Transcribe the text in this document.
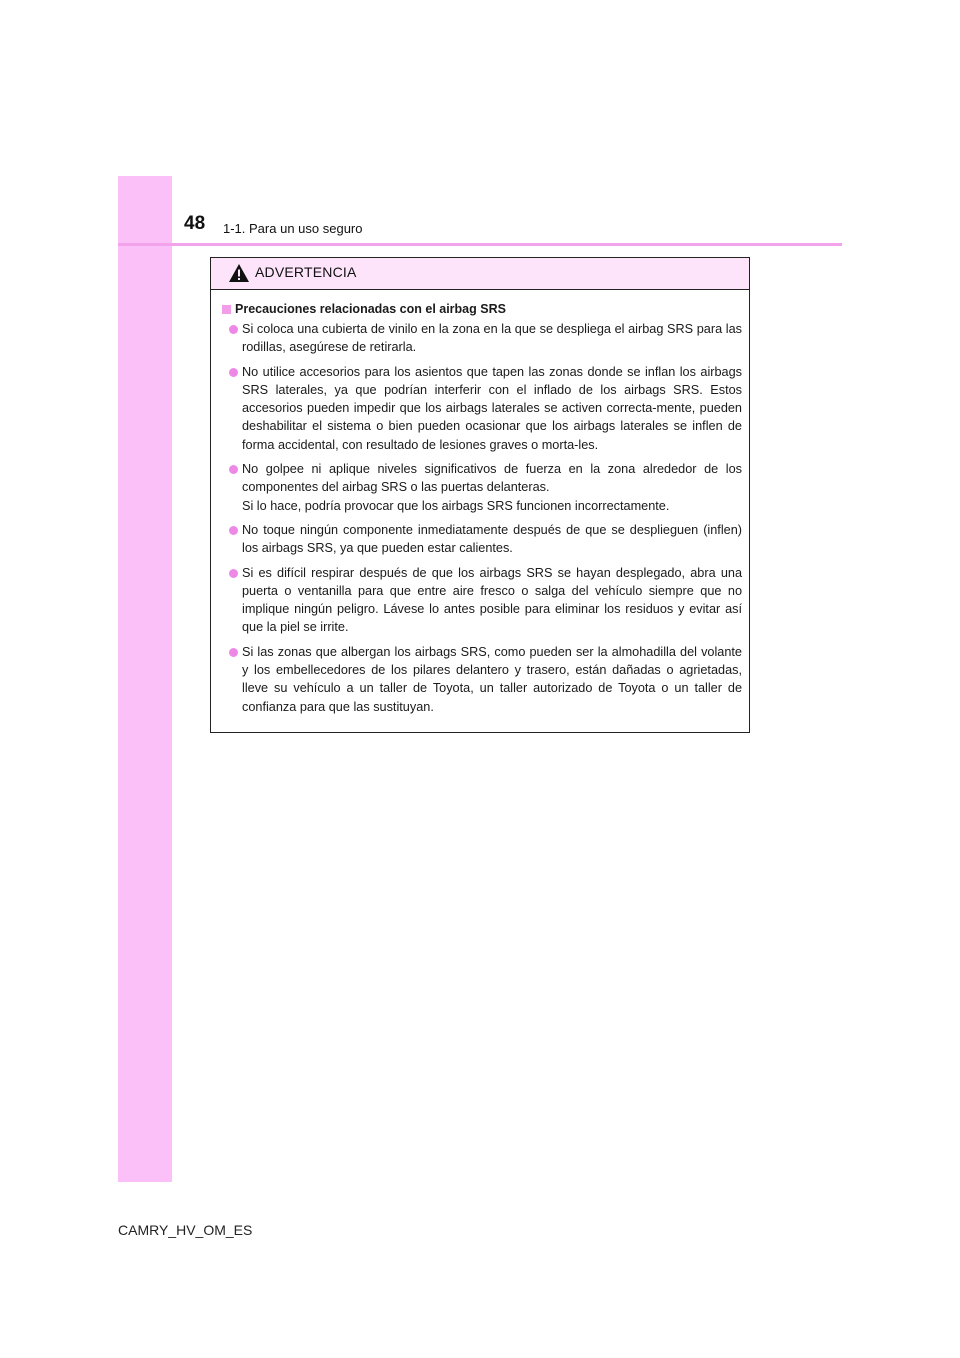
48 1-1. Para un uso seguro
ADVERTENCIA
Precauciones relacionadas con el airbag SRS
Si coloca una cubierta de vinilo en la zona en la que se despliega el airbag SRS para las rodillas, asegúrese de retirarla.
No utilice accesorios para los asientos que tapen las zonas donde se inflan los airbags SRS laterales, ya que podrían interferir con el inflado de los airbags SRS. Estos accesorios pueden impedir que los airbags laterales se activen correcta-mente, pueden deshabilitar el sistema o bien pueden ocasionar que los airbags laterales se inflen de forma accidental, con resultado de lesiones graves o morta-les.
No golpee ni aplique niveles significativos de fuerza en la zona alrededor de los componentes del airbag SRS o las puertas delanteras.
Si lo hace, podría provocar que los airbags SRS funcionen incorrectamente.
No toque ningún componente inmediatamente después de que se desplieguen (inflen) los airbags SRS, ya que pueden estar calientes.
Si es difícil respirar después de que los airbags SRS se hayan desplegado, abra una puerta o ventanilla para que entre aire fresco o salga del vehículo siempre que no implique ningún peligro. Lávese lo antes posible para eliminar los residuos y evitar así que la piel se irrite.
Si las zonas que albergan los airbags SRS, como pueden ser la almohadilla del volante y los embellecedores de los pilares delantero y trasero, están dañadas o agrietadas, lleve su vehículo a un taller de Toyota, un taller autorizado de Toyota o un taller de confianza para que las sustituyan.
CAMRY_HV_OM_ES
